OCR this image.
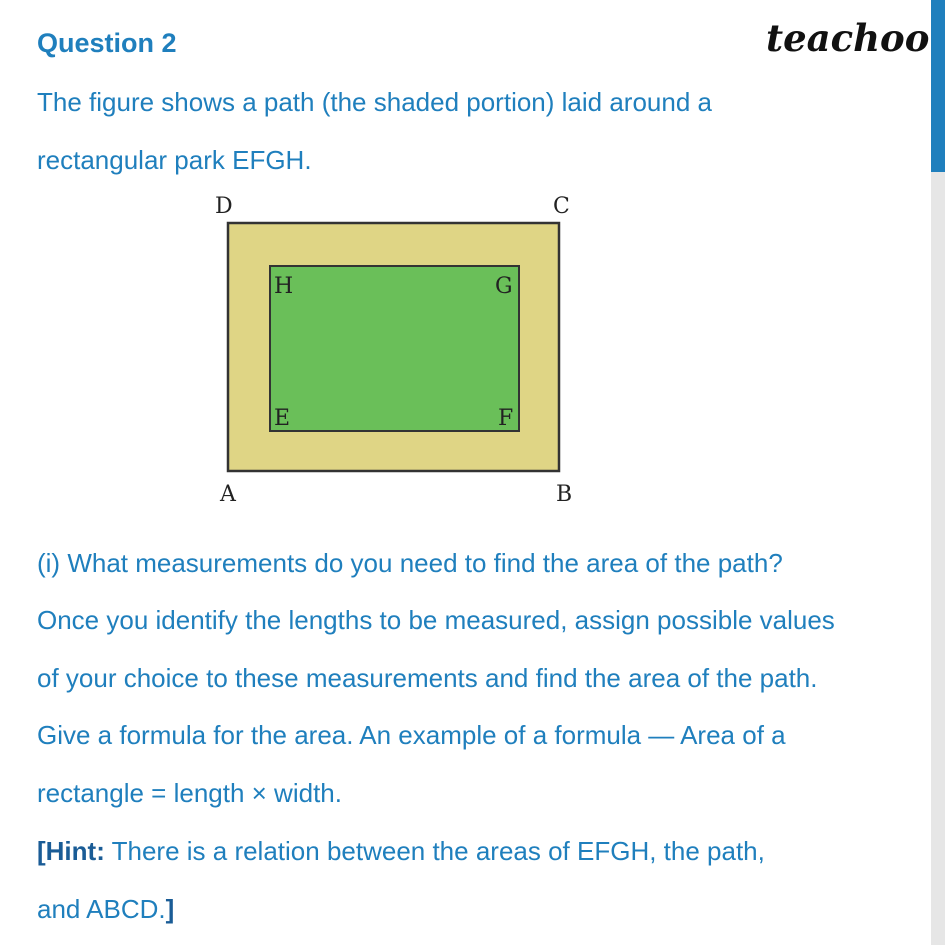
Question 2	teachoo

The figure shows a path (the shaded portion) laid around a

rectangular park EFGH.

D	C
A	B
H	G
E	F

(i) What measurements do you need to find the area of the path?

Once you identify the lengths to be measured, assign possible values

of your choice to these measurements and find the area of the path.

Give a formula for the area. An example of a formula — Area of a

rectangle = length × width.

[Hint: There is a relation between the areas of EFGH, the path,

and ABCD.]
